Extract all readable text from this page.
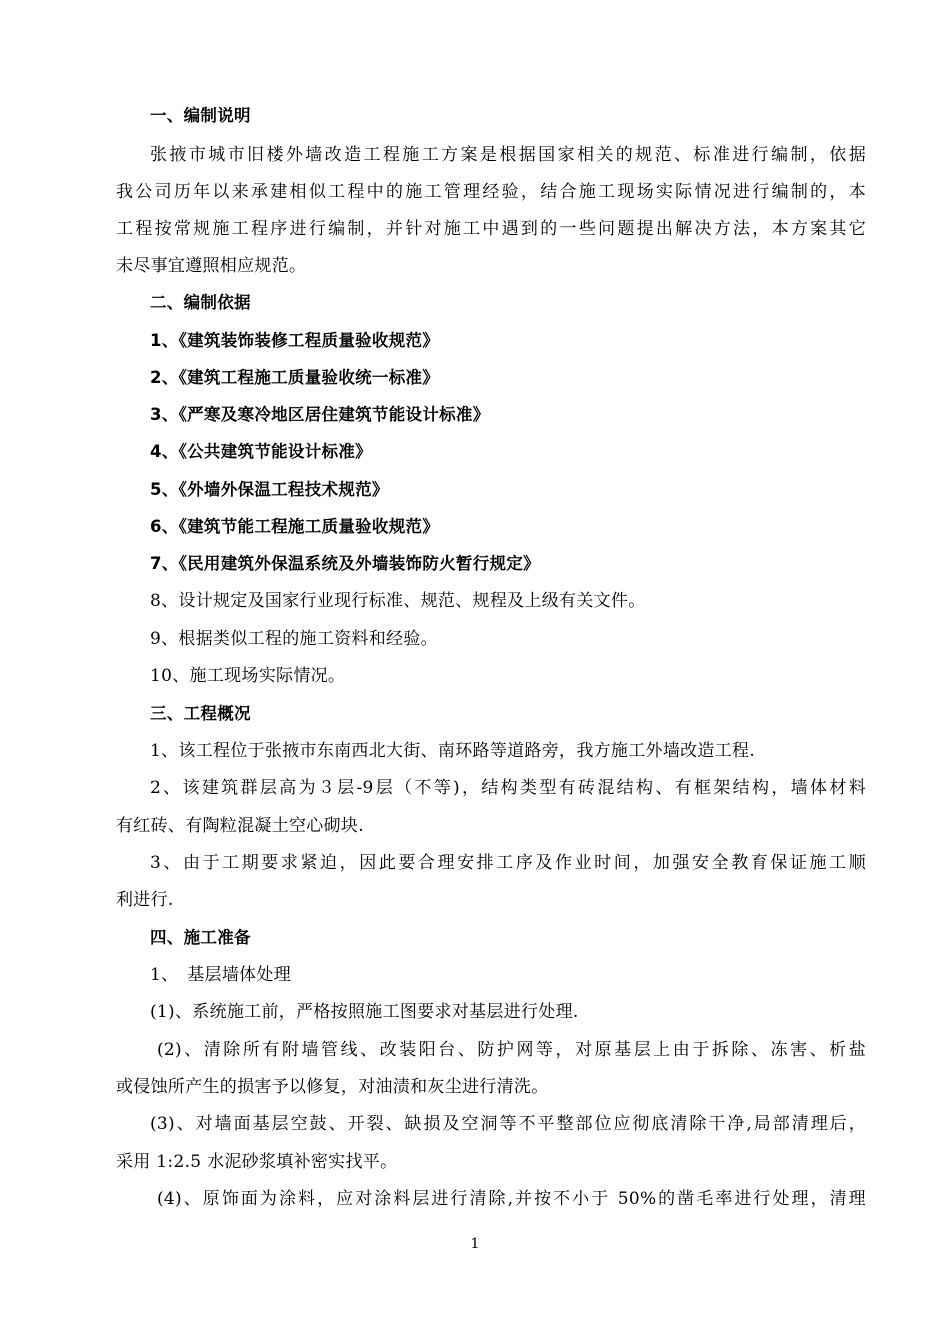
一、编制说明
张掖市城市旧楼外墙改造工程施工方案是根据国家相关的规范、标准进行编制，依据
我公司历年以来承建相似工程中的施工管理经验，结合施工现场实际情况进行编制的，本
工程按常规施工程序进行编制，并针对施工中遇到的一些问题提出解决方法，本方案其它
未尽事宜遵照相应规范。
二、编制依据
1、《建筑装饰装修工程质量验收规范》
2、《建筑工程施工质量验收统一标准》
3、《严寒及寒冷地区居住建筑节能设计标准》
4、《公共建筑节能设计标准》
5、《外墙外保温工程技术规范》
6、《建筑节能工程施工质量验收规范》
7、《民用建筑外保温系统及外墙装饰防火暂行规定》
8、设计规定及国家行业现行标准、规范、规程及上级有关文件。
9、根据类似工程的施工资料和经验。
10、施工现场实际情况。
三、工程概况
1、该工程位于张掖市东南西北大街、南环路等道路旁，我方施工外墙改造工程.
2、该建筑群层高为３层-9层（不等)，结构类型有砖混结构、有框架结构，墙体材料
有红砖、有陶粒混凝土空心砌块.
3、由于工期要求紧迫，因此要合理安排工序及作业时间，加强安全教育保证施工顺
利进行.
四、施工准备
1、　基层墙体处理
(1)、系统施工前，严格按照施工图要求对基层进行处理.
(2)、清除所有附墙管线、改装阳台、防护网等，对原基层上由于拆除、冻害、析盐
或侵蚀所产生的损害予以修复，对油渍和灰尘进行清洗。
(3)、对墙面基层空鼓、开裂、缺损及空洞等不平整部位应彻底清除干净,局部清理后，
采用 1:2.5 水泥砂浆填补密实找平。
(4)、原饰面为涂料，应对涂料层进行清除,并按不小于 50%的凿毛率进行处理，清理
1
